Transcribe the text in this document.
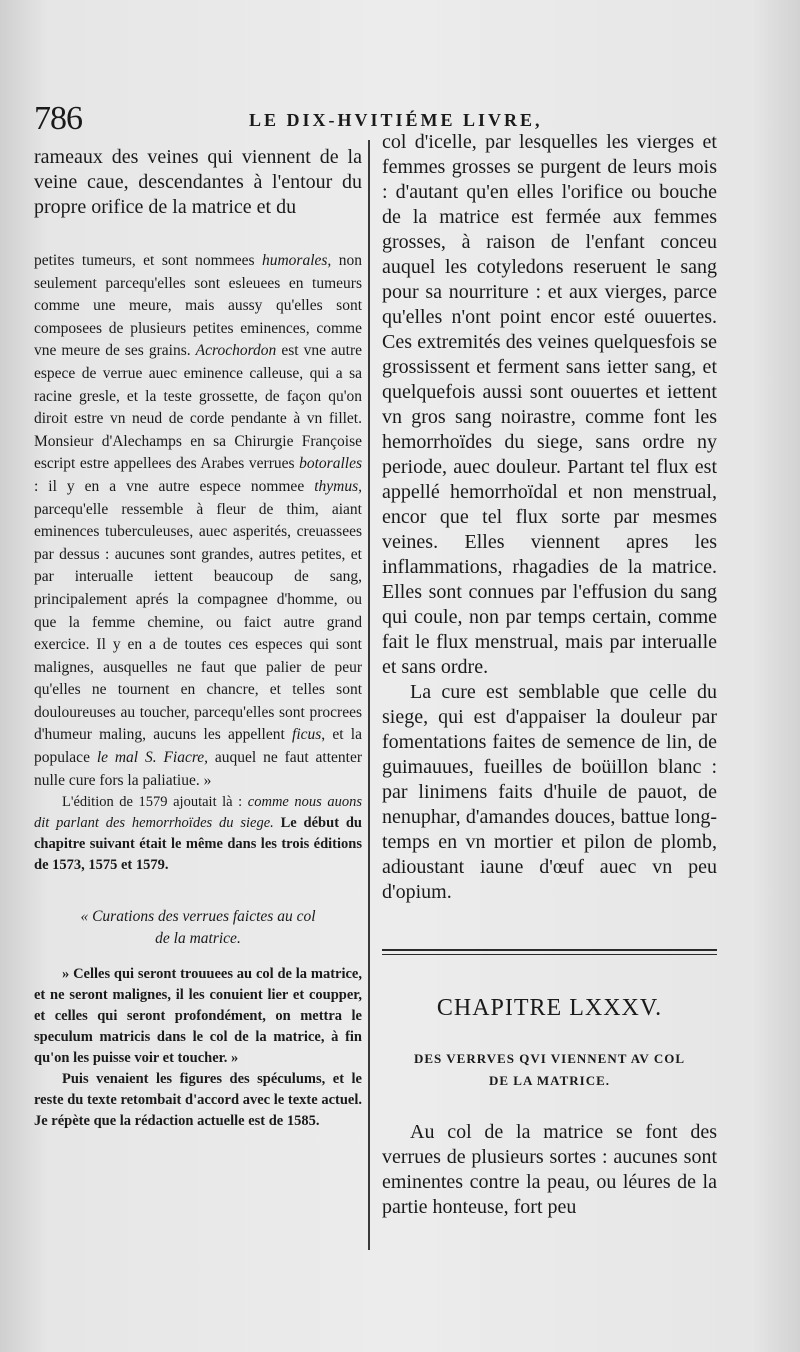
786	LE DIX-HVITIÉME LIVRE,

rameaux des veines qui viennent de la veine caue, descendantes à l'entour du propre orifice de la matrice et du

petites tumeurs, et sont nommees humorales, non seulement parcequ'elles sont esleuees en tumeurs comme une meure, mais aussy qu'elles sont composees de plusieurs petites eminences, comme vne meure de ses grains. Acrochordon est vne autre espece de verrue auec eminence calleuse, qui a sa racine gresle, et la teste grossette, de façon qu'on diroit estre vn neud de corde pendante à vn fillet. Monsieur d'Alechamps en sa Chirurgie Françoise escript estre appellees des Arabes verrues botoralles : il y en a vne autre espece nommee thymus, parcequ'elle ressemble à fleur de thim, aiant eminences tuberculeuses, auec asperités, creuassees par dessus : aucunes sont grandes, autres petites, et par interualle iettent beaucoup de sang, principalement aprés la compagnee d'homme, ou que la femme chemine, ou faict autre grand exercice. Il y en a de toutes ces especes qui sont malignes, ausquelles ne faut que palier de peur qu'elles ne tournent en chancre, et telles sont douloureuses au toucher, parcequ'elles sont procrees d'humeur maling, aucuns les appellent ficus, et la populace le mal S. Fiacre, auquel ne faut attenter nulle cure fors la paliatiue. »

L'édition de 1579 ajoutait là : comme nous auons dit parlant des hemorrhoïdes du siege. Le début du chapitre suivant était le même dans les trois éditions de 1573, 1575 et 1579.

« Curations des verrues faictes au col
de la matrice.

» Celles qui seront trouuees au col de la matrice, et ne seront malignes, il les conuient lier et coupper, et celles qui seront profondément, on mettra le speculum matricis dans le col de la matrice, à fin qu'on les puisse voir et toucher. »

Puis venaient les figures des spéculums, et le reste du texte retombait d'accord avec le texte actuel. Je répète que la rédaction actuelle est de 1585.

col d'icelle, par lesquelles les vierges et femmes grosses se purgent de leurs mois : d'autant qu'en elles l'orifice ou bouche de la matrice est fermée aux femmes grosses, à raison de l'enfant conceu auquel les cotyledons reseruent le sang pour sa nourriture : et aux vierges, parce qu'elles n'ont point encor esté ouuertes. Ces extremités des veines quelquesfois se grossissent et ferment sans ietter sang, et quelquefois aussi sont ouuertes et iettent vn gros sang noirastre, comme font les hemorrhoïdes du siege, sans ordre ny periode, auec douleur. Partant tel flux est appellé hemorrhoïdal et non menstrual, encor que tel flux sorte par mesmes veines. Elles viennent apres les inflammations, rhagadies de la matrice. Elles sont connues par l'effusion du sang qui coule, non par temps certain, comme fait le flux menstrual, mais par interualle et sans ordre.

La cure est semblable que celle du siege, qui est d'appaiser la douleur par fomentations faites de semence de lin, de guimauues, fueilles de boüillon blanc : par linimens faits d'huile de pauot, de nenuphar, d'amandes douces, battue long-temps en vn mortier et pilon de plomb, adioustant iaune d'œuf auec vn peu d'opium.

CHAPITRE LXXXV.

DES VERRVES QVI VIENNENT AV COL
DE LA MATRICE.

Au col de la matrice se font des verrues de plusieurs sortes : aucunes sont eminentes contre la peau, ou léures de la partie honteuse, fort peu
